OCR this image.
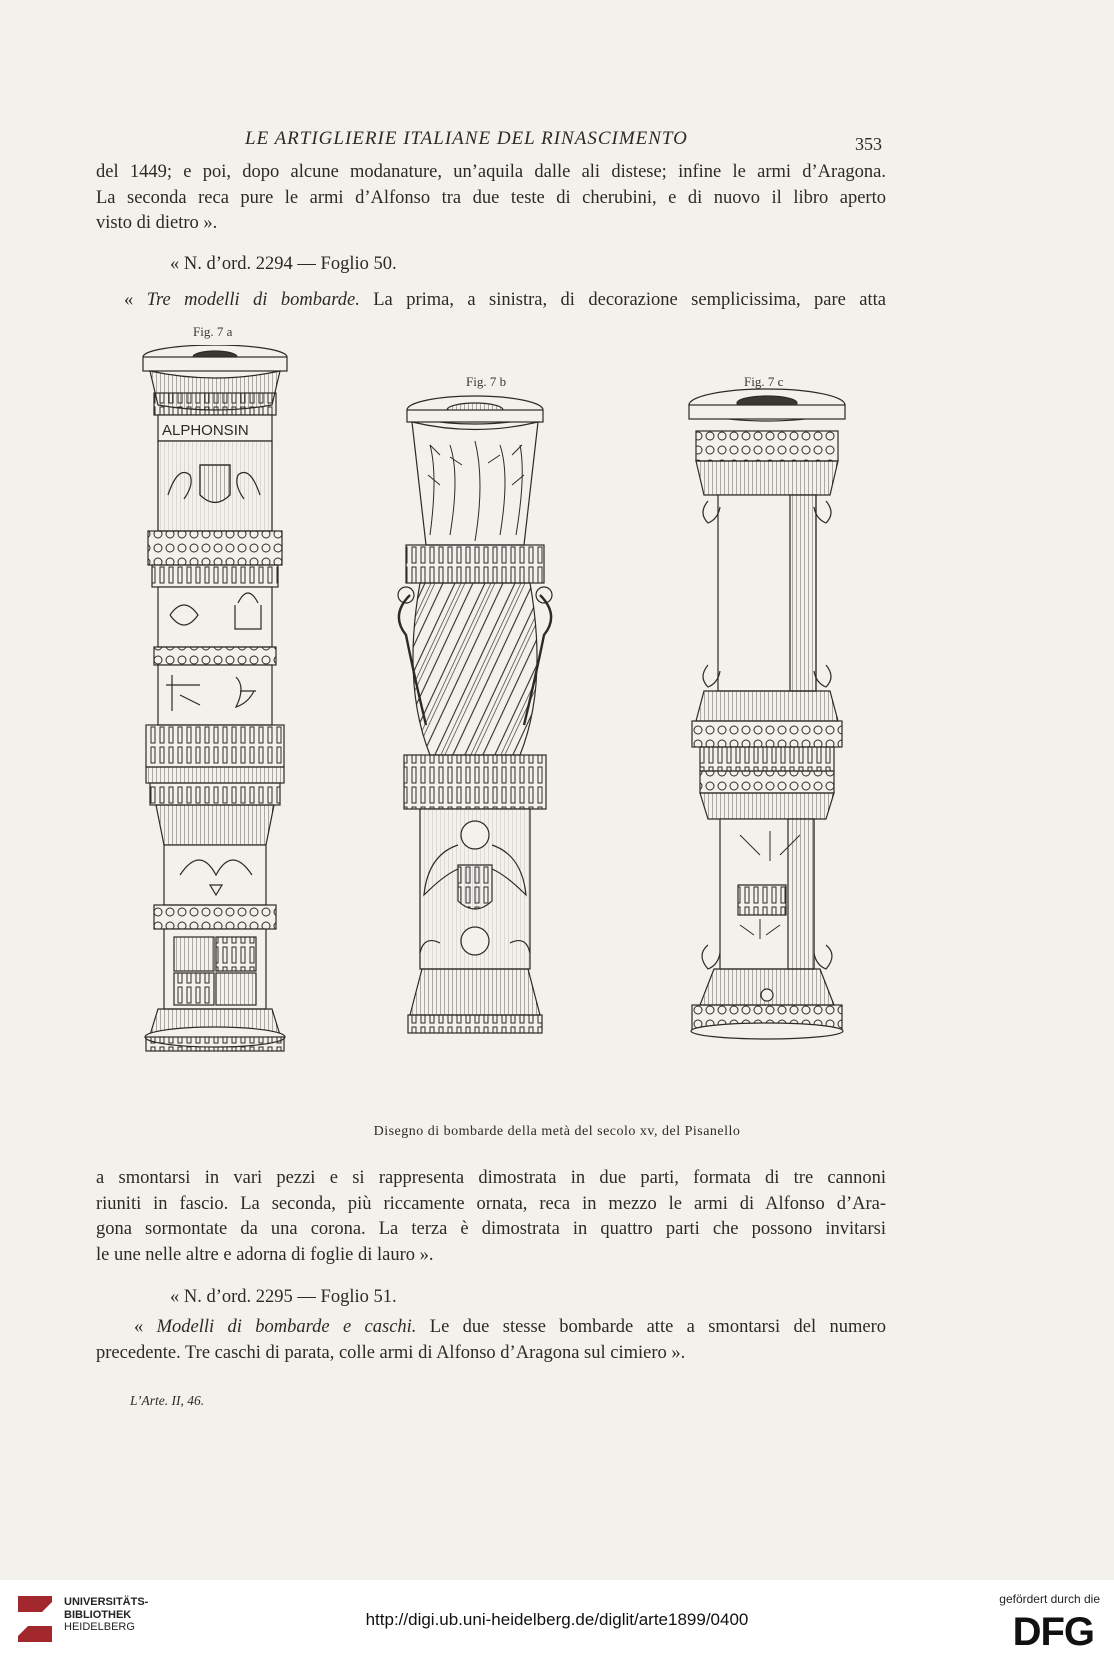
LE ARTIGLIERIE ITALIANE DEL RINASCIMENTO	353

del 1449; e poi, dopo alcune modanature, un’aquila dalle ali distese; infine le armi d’Aragona.
La seconda reca pure le armi d’Alfonso tra due teste di cherubini, e di nuovo il libro aperto
visto di dietro ».

« N. d’ord. 2294 — Foglio 50.

« Tre modelli di bombarde. La prima, a sinistra, di decorazione semplicissima, pare atta

Fig. 7 a
Fig. 7 b	Fig. 7 c
ALPHONSIN
Disegno di bombarde della metà del secolo xv, del Pisanello

a smontarsi in vari pezzi e si rappresenta dimostrata in due parti, formata di tre cannoni
riuniti in fascio. La seconda, più riccamente ornata, reca in mezzo le armi di Alfonso d’Ara-
gona sormontate da una corona. La terza è dimostrata in quattro parti che possono invitarsi
le une nelle altre e adorna di foglie di lauro ».

« N. d’ord. 2295 — Foglio 51.

« Modelli di bombarde e caschi. Le due stesse bombarde atte a smontarsi del numero
precedente. Tre caschi di parata, colle armi di Alfonso d’Aragona sul cimiero ».

L’Arte. II, 46.
UNIVERSITÄTS-
BIBLIOTHEK
HEIDELBERG	http://digi.ub.uni-heidelberg.de/diglit/arte1899/0400
gefördert durch die
DFG
